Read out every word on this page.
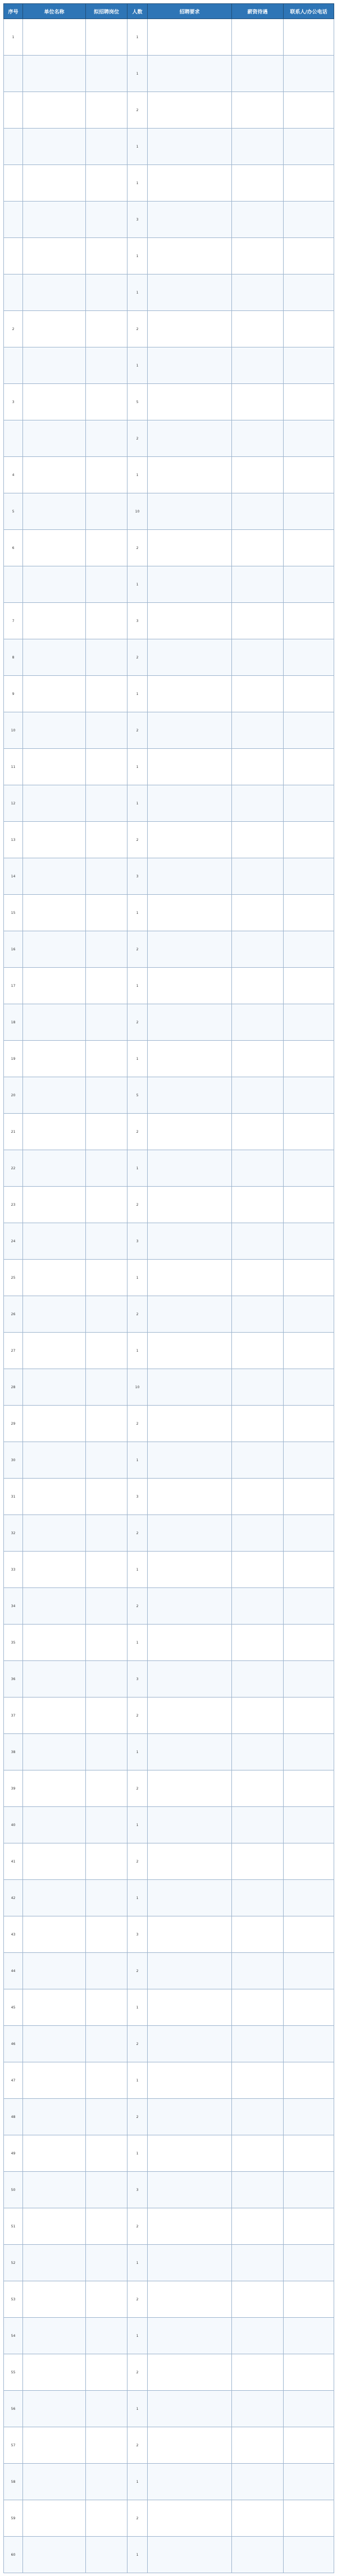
序号	单位名称	拟招聘岗位	人数	招聘要求	薪资待遇	联系人/办公电话
1			1			
			1			
			2			
			1			
			1			
			3			
			1			
			1			
2			2			
			1			
3			5			
			2			
4			1			
5			10			
6			2			
			1			
7			3			
8			2			
9			1			
10			2			
11			1			
12			1			
13			2			
14			3			
15			1			
16			2			
17			1			
18			2			
19			1			
20			5			
21			2			
22			1			
23			2			
24			3			
25			1			
26			2			
27			1			
28			10			
29			2			
30			1			
31			3			
32			2			
33			1			
34			2			
35			1			
36			3			
37			2			
38			1			
39			2			
40			1			
41			2			
42			1			
43			3			
44			2			
45			1			
46			2			
47			1			
48			2			
49			1			
50			3			
51			2			
52			1			
53			2			
54			1			
55			2			
56			1			
57			2			
58			1			
59			2			
60			1			
